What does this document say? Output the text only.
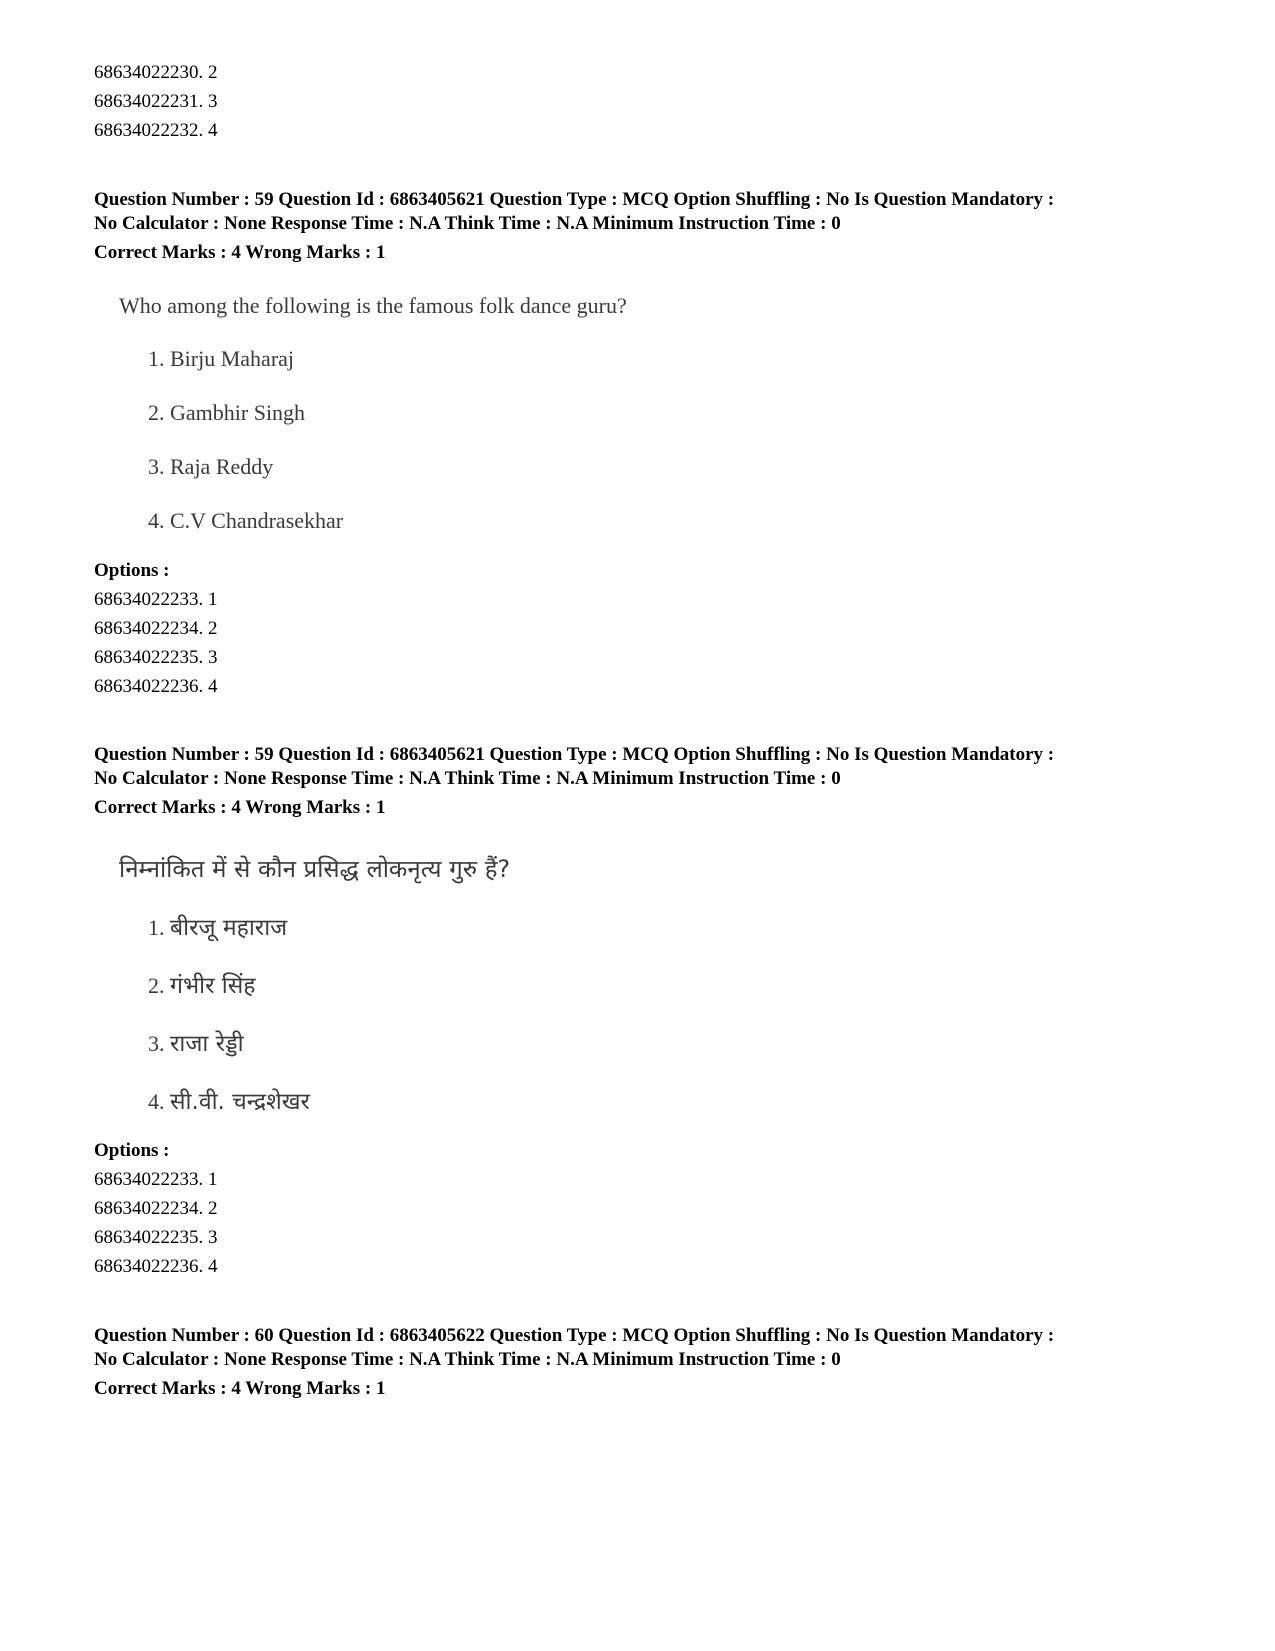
68634022230. 2
68634022231. 3
68634022232. 4
Question Number : 59 Question Id : 6863405621 Question Type : MCQ Option Shuffling : No Is Question Mandatory :
No Calculator : None Response Time : N.A Think Time : N.A Minimum Instruction Time : 0
Correct Marks : 4 Wrong Marks : 1
Who among the following is the famous folk dance guru?
1. Birju Maharaj
2. Gambhir Singh
3. Raja Reddy
4. C.V Chandrasekhar
Options :
68634022233. 1
68634022234. 2
68634022235. 3
68634022236. 4
Question Number : 59 Question Id : 6863405621 Question Type : MCQ Option Shuffling : No Is Question Mandatory :
No Calculator : None Response Time : N.A Think Time : N.A Minimum Instruction Time : 0
Correct Marks : 4 Wrong Marks : 1
निम्नांकित में से कौन प्रसिद्ध लोकनृत्य गुरु हैं?
1. बीरजू महाराज
2. गंभीर सिंह
3. राजा रेड्डी
4. सी.वी. चन्द्रशेखर
Options :
68634022233. 1
68634022234. 2
68634022235. 3
68634022236. 4
Question Number : 60 Question Id : 6863405622 Question Type : MCQ Option Shuffling : No Is Question Mandatory :
No Calculator : None Response Time : N.A Think Time : N.A Minimum Instruction Time : 0
Correct Marks : 4 Wrong Marks : 1
